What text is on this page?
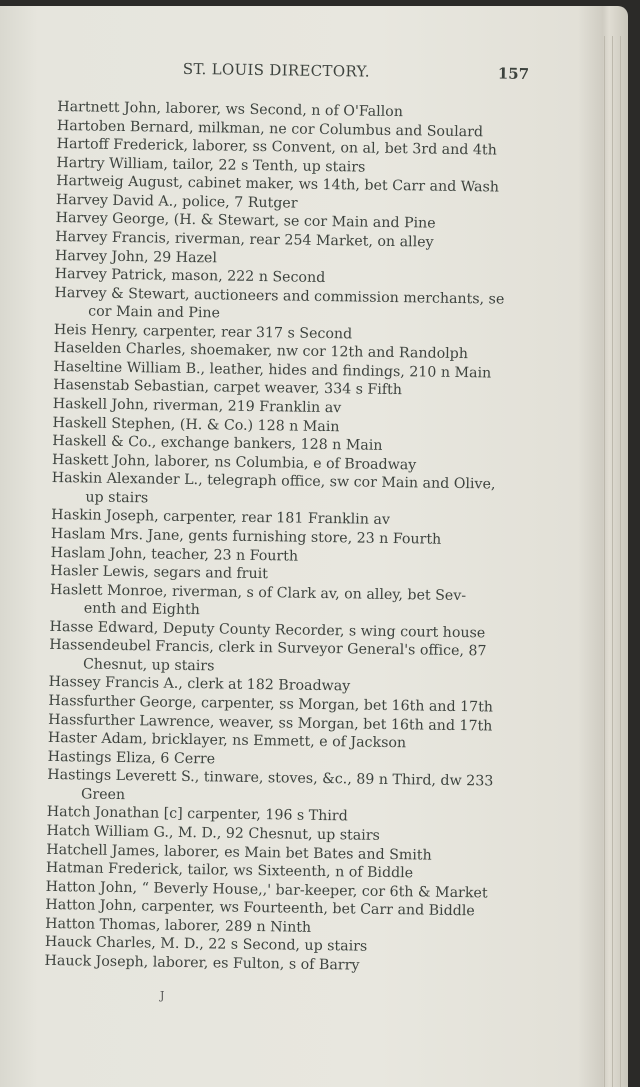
ST. LOUIS DIRECTORY.	157
Hartnett John, laborer, ws Second, n of O'Fallon
Hartoben Bernard, milkman, ne cor Columbus and Soulard
Hartoff Frederick, laborer, ss Convent, on al, bet 3rd and 4th
Hartry William, tailor, 22 s Tenth, up stairs
Hartweig August, cabinet maker, ws 14th, bet Carr and Wash
Harvey David A., police, 7 Rutger
Harvey George, (H. & Stewart, se cor Main and Pine
Harvey Francis, riverman, rear 254 Market, on alley
Harvey John, 29 Hazel
Harvey Patrick, mason, 222 n Second
Harvey & Stewart, auctioneers and commission merchants, se
cor Main and Pine
Heis Henry, carpenter, rear 317 s Second
Haselden Charles, shoemaker, nw cor 12th and Randolph
Haseltine William B., leather, hides and findings, 210 n Main
Hasenstab Sebastian, carpet weaver, 334 s Fifth
Haskell John, riverman, 219 Franklin av
Haskell Stephen, (H. & Co.) 128 n Main
Haskell & Co., exchange bankers, 128 n Main
Haskett John, laborer, ns Columbia, e of Broadway
Haskin Alexander L., telegraph office, sw cor Main and Olive,
up stairs
Haskin Joseph, carpenter, rear 181 Franklin av
Haslam Mrs. Jane, gents furnishing store, 23 n Fourth
Haslam John, teacher, 23 n Fourth
Hasler Lewis, segars and fruit
Haslett Monroe, riverman, s of Clark av, on alley, bet Sev-
enth and Eighth
Hasse Edward, Deputy County Recorder, s wing court house
Hassendeubel Francis, clerk in Surveyor General's office, 87
Chesnut, up stairs
Hassey Francis A., clerk at 182 Broadway
Hassfurther George, carpenter, ss Morgan, bet 16th and 17th
Hassfurther Lawrence, weaver, ss Morgan, bet 16th and 17th
Haster Adam, bricklayer, ns Emmett, e of Jackson
Hastings Eliza, 6 Cerre
Hastings Leverett S., tinware, stoves, &c., 89 n Third, dw 233
Green
Hatch Jonathan [c] carpenter, 196 s Third
Hatch William G., M. D., 92 Chesnut, up stairs
Hatchell James, laborer, es Main bet Bates and Smith
Hatman Frederick, tailor, ws Sixteenth, n of Biddle
Hatton John, “ Beverly House,,' bar-keeper, cor 6th & Market
Hatton John, carpenter, ws Fourteenth, bet Carr and Biddle
Hatton Thomas, laborer, 289 n Ninth
Hauck Charles, M. D., 22 s Second, up stairs
Hauck Joseph, laborer, es Fulton, s of Barry
J
